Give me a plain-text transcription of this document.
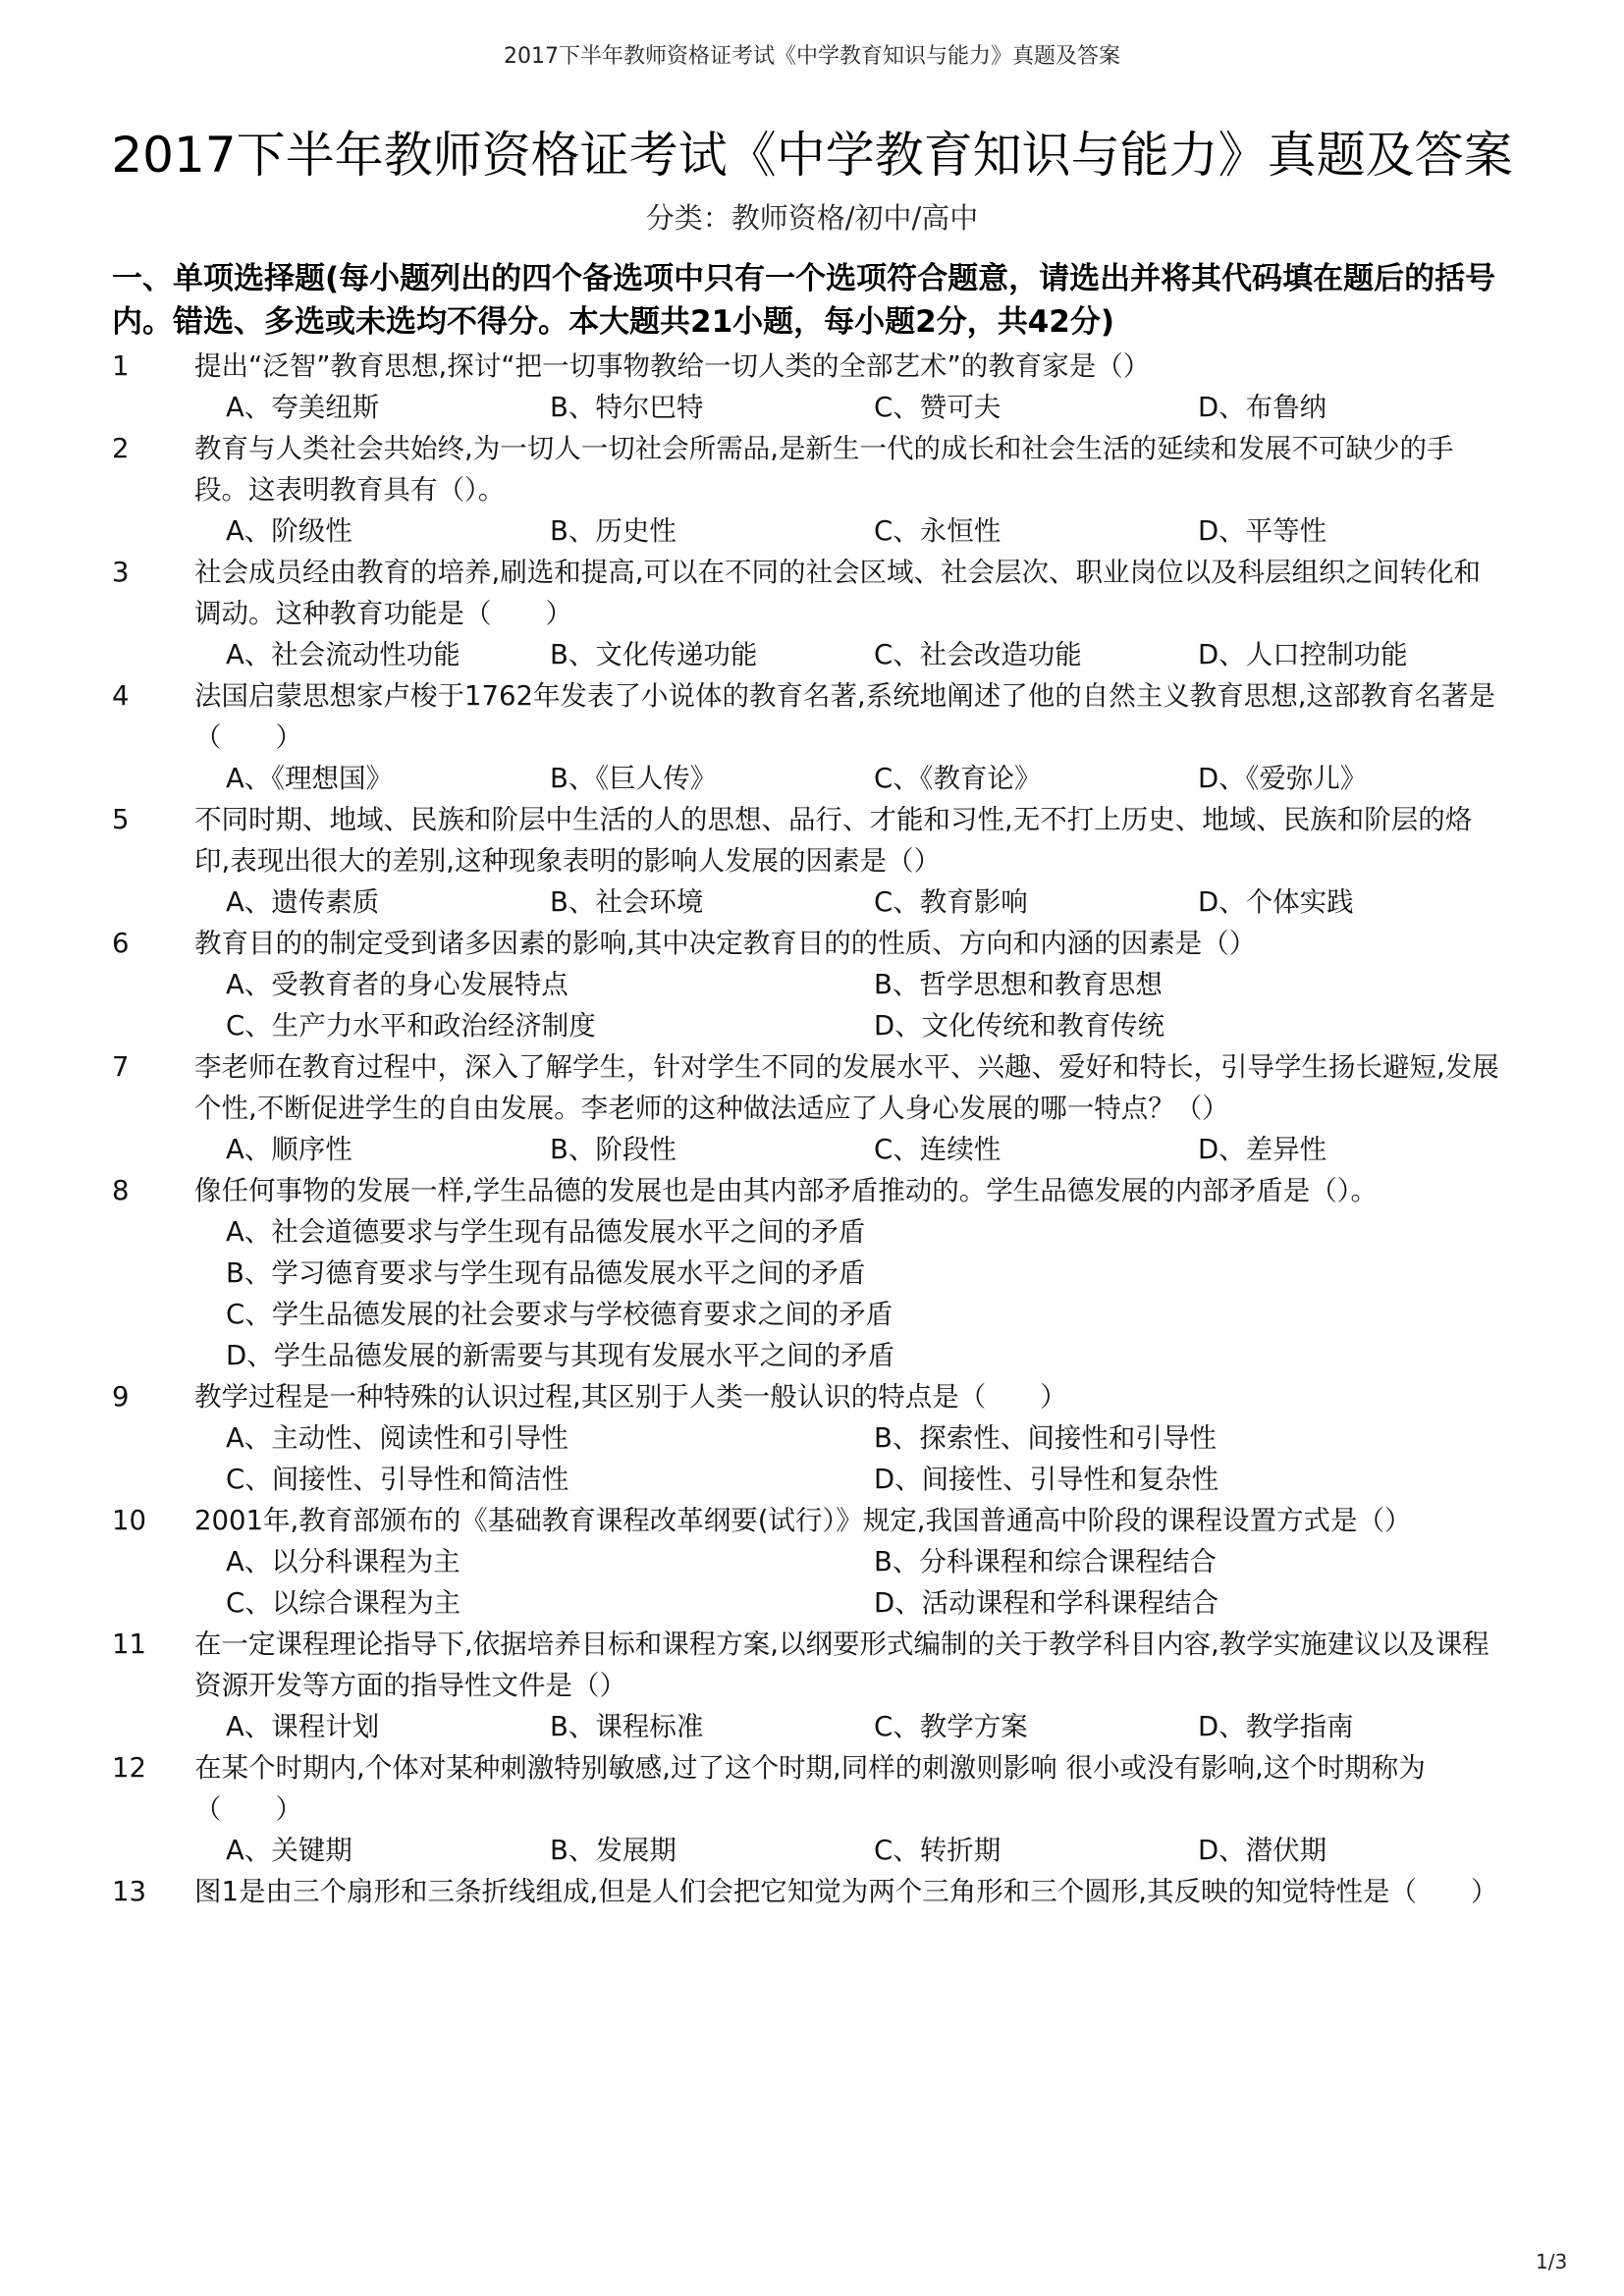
2017下半年教师资格证考试《中学教育知识与能力》真题及答案
2017下半年教师资格证考试《中学教育知识与能力》真题及答案
分类：教师资格/初中/高中
一、单项选择题(每小题列出的四个备选项中只有一个选项符合题意，请选出并将其代码填在题后的括号内。错选、多选或未选均不得分。本大题共21小题，每小题2分，共42分)
1	提出“泛智”教育思想,探讨“把一切事物教给一切人类的全部艺术”的教育家是（）
A、夸美纽斯	B、特尔巴特	C、赞可夫	D、布鲁纳
2	教育与人类社会共始终,为一切人一切社会所需品,是新生一代的成长和社会生活的延续和发展不可缺少的手段。这表明教育具有（）。
A、阶级性	B、历史性	C、永恒性	D、平等性
3	社会成员经由教育的培养,刷选和提高,可以在不同的社会区域、社会层次、职业岗位以及科层组织之间转化和调动。这种教育功能是（　　）
A、社会流动性功能	B、文化传递功能	C、社会改造功能	D、人口控制功能
4	法国启蒙思想家卢梭于1762年发表了小说体的教育名著,系统地阐述了他的自然主义教育思想,这部教育名著是（　　）
A、《理想国》	B、《巨人传》	C、《教育论》	D、《爱弥儿》
5	不同时期、地域、民族和阶层中生活的人的思想、品行、才能和习性,无不打上历史、地域、民族和阶层的烙印,表现出很大的差别,这种现象表明的影响人发展的因素是（）
A、遗传素质	B、社会环境	C、教育影响	D、个体实践
6	教育目的的制定受到诸多因素的影响,其中决定教育目的的性质、方向和内涵的因素是（）
A、受教育者的身心发展特点	B、哲学思想和教育思想
C、生产力水平和政治经济制度	D、文化传统和教育传统
7	李老师在教育过程中，深入了解学生，针对学生不同的发展水平、兴趣、爱好和特长，引导学生扬长避短,发展个性,不断促进学生的自由发展。李老师的这种做法适应了人身心发展的哪一特点？（）
A、顺序性	B、阶段性	C、连续性	D、差异性
8	像任何事物的发展一样,学生品德的发展也是由其内部矛盾推动的。学生品德发展的内部矛盾是（）。
A、社会道德要求与学生现有品德发展水平之间的矛盾
B、学习德育要求与学生现有品德发展水平之间的矛盾
C、学生品德发展的社会要求与学校德育要求之间的矛盾
D、学生品德发展的新需要与其现有发展水平之间的矛盾
9	教学过程是一种特殊的认识过程,其区别于人类一般认识的特点是（　　）
A、主动性、阅读性和引导性	B、探索性、间接性和引导性
C、间接性、引导性和简洁性	D、间接性、引导性和复杂性
10	2001年,教育部颁布的《基础教育课程改革纲要(试行）》规定,我国普通高中阶段的课程设置方式是（）
A、以分科课程为主	B、分科课程和综合课程结合
C、以综合课程为主	D、活动课程和学科课程结合
11	在一定课程理论指导下,依据培养目标和课程方案,以纲要形式编制的关于教学科目内容,教学实施建议以及课程资源开发等方面的指导性文件是（）
A、课程计划	B、课程标准	C、教学方案	D、教学指南
12	在某个时期内,个体对某种刺激特别敏感,过了这个时期,同样的刺激则影响 很小或没有影响,这个时期称为（　　）
A、关键期	B、发展期	C、转折期	D、潜伏期
13	图1是由三个扇形和三条折线组成,但是人们会把它知觉为两个三角形和三个圆形,其反映的知觉特性是（　　）
1/3
